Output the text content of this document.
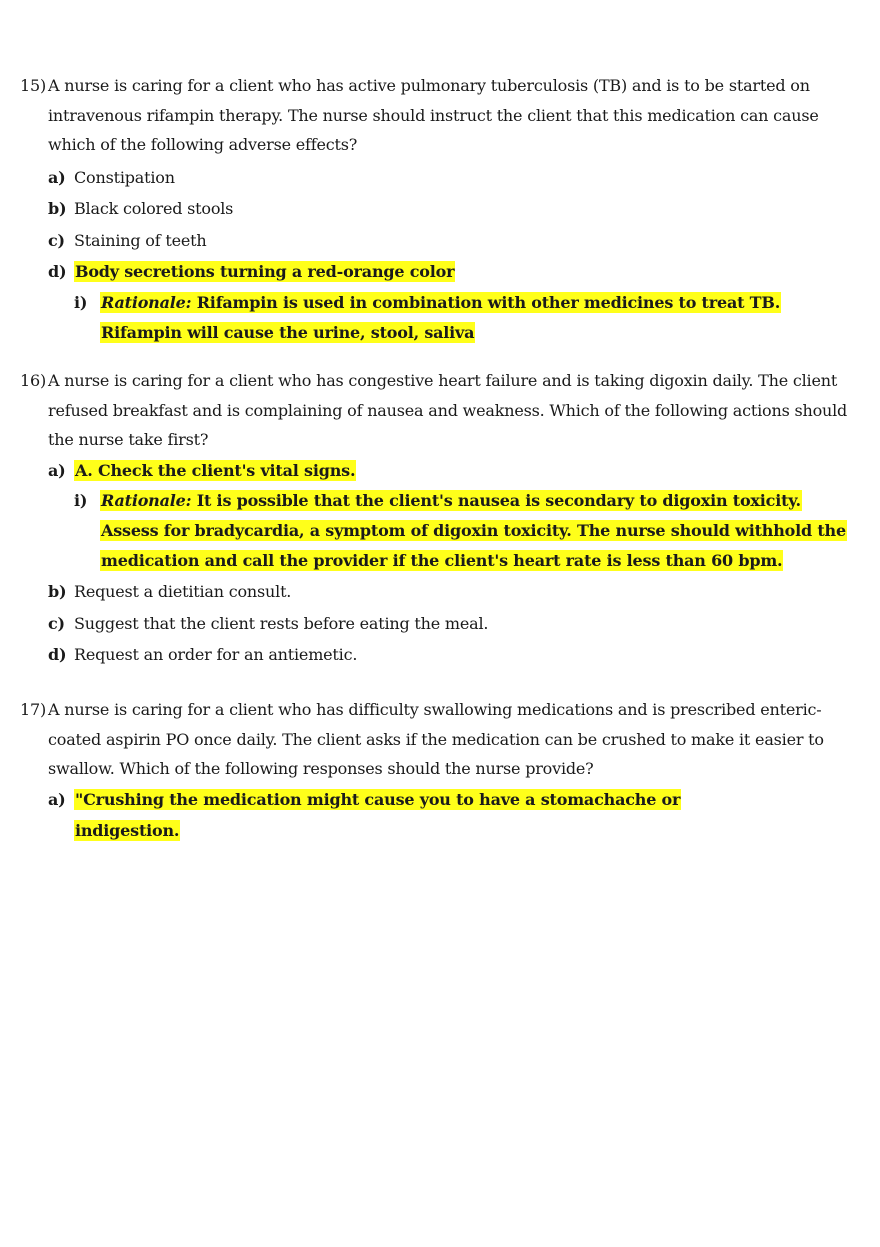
15) A nurse is caring for a client who has active pulmonary tuberculosis (TB) and is to be started on intravenous rifampin therapy. The nurse should instruct the client that this medication can cause which of the following adverse effects?
a) Constipation
b) Black colored stools
c) Staining of teeth
d) Body secretions turning a red-orange color
i) Rationale: Rifampin is used in combination with other medicines to treat TB. Rifampin will cause the urine, stool, saliva
16) A nurse is caring for a client who has congestive heart failure and is taking digoxin daily. The client refused breakfast and is complaining of nausea and weakness. Which of the following actions should the nurse take first?
a) A. Check the client's vital signs.
i) Rationale: It is possible that the client's nausea is secondary to digoxin toxicity. Assess for bradycardia, a symptom of digoxin toxicity. The nurse should withhold the medication and call the provider if the client's heart rate is less than 60 bpm.
b) Request a dietitian consult.
c) Suggest that the client rests before eating the meal.
d) Request an order for an antiemetic.
17) A nurse is caring for a client who has difficulty swallowing medications and is prescribed enteric-coated aspirin PO once daily. The client asks if the medication can be crushed to make it easier to swallow. Which of the following responses should the nurse provide?
a) "Crushing the medication might cause you to have a stomachache or indigestion.
